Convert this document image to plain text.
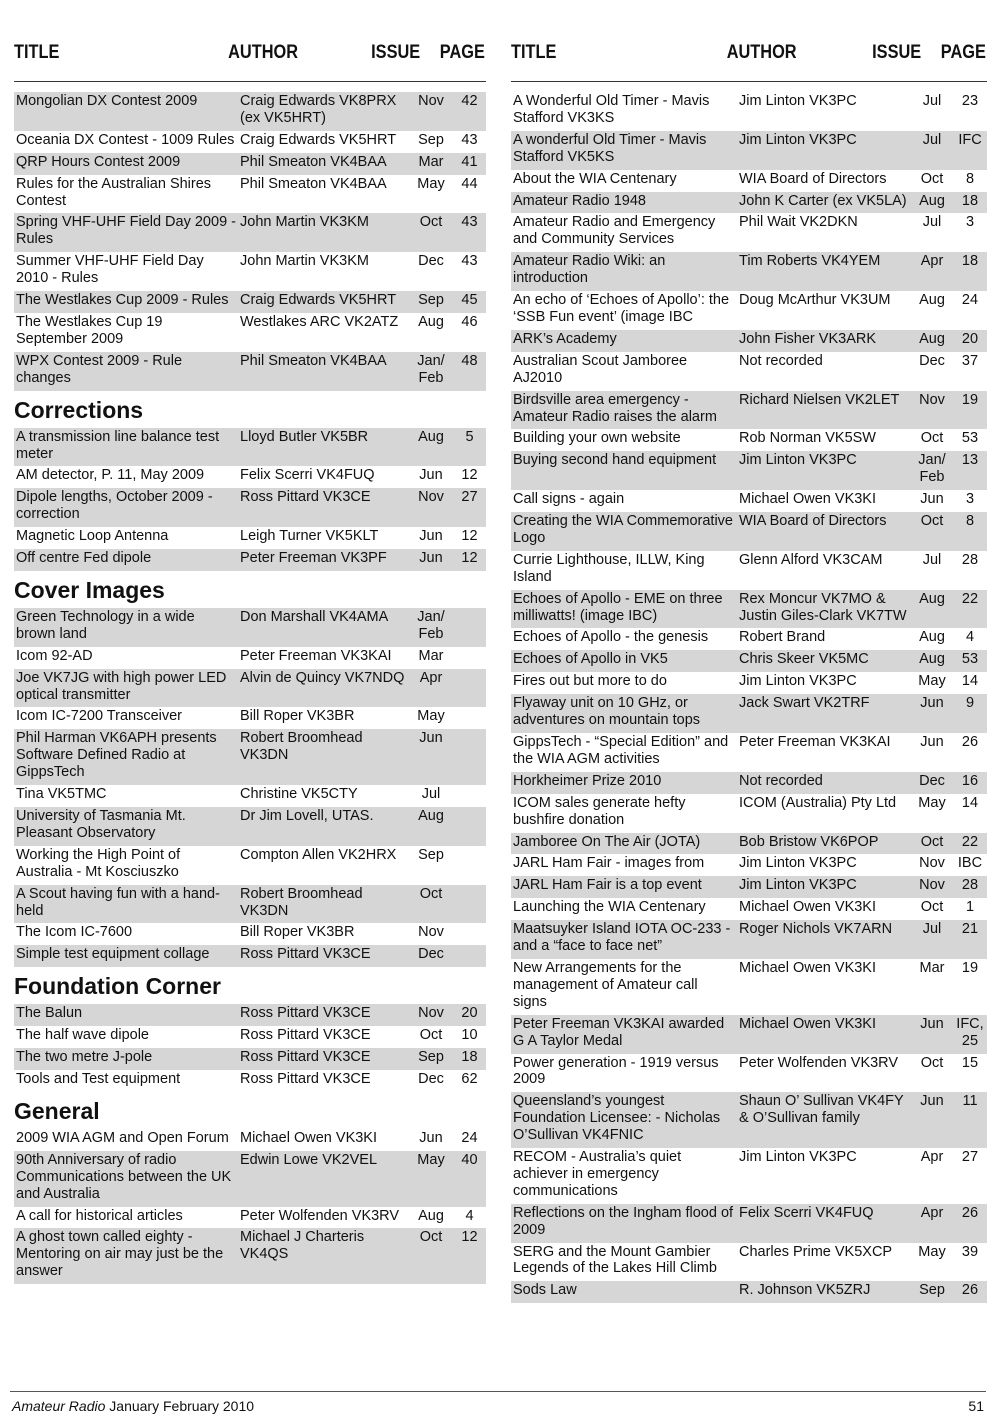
TITLE	AUTHOR	ISSUE	PAGE
Mongolian DX Contest 2009	Craig Edwards VK8PRX (ex VK5HRT)	Nov	42
Oceania DX Contest - 1009 Rules	Craig Edwards VK5HRT	Sep	43
QRP Hours Contest 2009	Phil Smeaton VK4BAA	Mar	41
Rules for the Australian Shires Contest	Phil Smeaton VK4BAA	May	44
Spring VHF-UHF Field Day 2009 - Rules	John Martin VK3KM	Oct	43
Summer VHF-UHF Field Day 2010 - Rules	John Martin VK3KM	Dec	43
The Westlakes Cup 2009 - Rules	Craig Edwards VK5HRT	Sep	45
The Westlakes Cup 19 September 2009	Westlakes ARC VK2ATZ	Aug	46
WPX Contest 2009 - Rule changes	Phil Smeaton VK4BAA	Jan/ Feb	48
Corrections
A transmission line balance test meter	Lloyd Butler VK5BR	Aug	5
AM detector, P. 11, May 2009	Felix Scerri VK4FUQ	Jun	12
Dipole lengths, October 2009 - correction	Ross Pittard VK3CE	Nov	27
Magnetic Loop Antenna	Leigh Turner VK5KLT	Jun	12
Off centre Fed dipole	Peter Freeman VK3PF	Jun	12
Cover Images
Green Technology in a wide brown land	Don Marshall VK4AMA	Jan/ Feb	
Icom 92-AD	Peter Freeman VK3KAI	Mar	
Joe VK7JG with high power LED optical transmitter	Alvin de Quincy VK7NDQ	Apr	
Icom IC-7200 Transceiver	Bill Roper VK3BR	May	
Phil Harman VK6APH presents Software Defined Radio at GippsTech	Robert Broomhead VK3DN	Jun	
Tina VK5TMC	Christine VK5CTY	Jul	
University of Tasmania Mt. Pleasant Observatory	Dr Jim Lovell, UTAS.	Aug	
Working the High Point of Australia - Mt Kosciuszko	Compton Allen VK2HRX	Sep	
A Scout having fun with a hand-held	Robert Broomhead VK3DN	Oct	
The Icom IC-7600	Bill Roper VK3BR	Nov	
Simple test equipment collage	Ross Pittard VK3CE	Dec	
Foundation Corner
The Balun	Ross Pittard VK3CE	Nov	20
The half wave dipole	Ross Pittard VK3CE	Oct	10
The two metre J-pole	Ross Pittard VK3CE	Sep	18
Tools and Test equipment	Ross Pittard VK3CE	Dec	62
General
2009 WIA AGM and Open Forum	Michael Owen VK3KI	Jun	24
90th Anniversary of radio Communications between the UK and Australia	Edwin Lowe VK2VEL	May	40
A call for historical articles	Peter Wolfenden VK3RV	Aug	4
A ghost town called eighty - Mentoring on air may just be the answer	Michael J Charteris VK4QS	Oct	12
TITLE	AUTHOR	ISSUE	PAGE
A Wonderful Old Timer - Mavis Stafford VK3KS	Jim Linton VK3PC	Jul	23
A wonderful Old Timer - Mavis Stafford VK5KS	Jim Linton VK3PC	Jul	IFC
About the WIA Centenary	WIA Board of Directors	Oct	8
Amateur Radio 1948	John K Carter (ex VK5LA)	Aug	18
Amateur Radio and Emergency and Community Services	Phil Wait VK2DKN	Jul	3
Amateur Radio Wiki: an introduction	Tim Roberts VK4YEM	Apr	18
An echo of ‘Echoes of Apollo’: the ‘SSB Fun event’ (image IBC	Doug McArthur VK3UM	Aug	24
ARK’s Academy	John Fisher VK3ARK	Aug	20
Australian Scout Jamboree AJ2010	Not recorded	Dec	37
Birdsville area emergency - Amateur Radio raises the alarm	Richard Nielsen VK2LET	Nov	19
Building your own website	Rob Norman VK5SW	Oct	53
Buying second hand equipment	Jim Linton VK3PC	Jan/ Feb	13
Call signs - again	Michael Owen VK3KI	Jun	3
Creating the WIA Commemorative Logo	WIA Board of Directors	Oct	8
Currie Lighthouse, ILLW, King Island	Glenn Alford VK3CAM	Jul	28
Echoes of Apollo - EME on three milliwatts! (image IBC)	Rex Moncur VK7MO & Justin Giles-Clark VK7TW	Aug	22
Echoes of Apollo - the genesis	Robert Brand	Aug	4
Echoes of Apollo in VK5	Chris Skeer VK5MC	Aug	53
Fires out but more to do	Jim Linton VK3PC	May	14
Flyaway unit on 10 GHz, or adventures on mountain tops	Jack Swart VK2TRF	Jun	9
GippsTech - “Special Edition” and the WIA AGM activities	Peter Freeman VK3KAI	Jun	26
Horkheimer Prize 2010	Not recorded	Dec	16
ICOM sales generate hefty bushfire donation	ICOM (Australia) Pty Ltd	May	14
Jamboree On The Air (JOTA)	Bob Bristow VK6POP	Oct	22
JARL Ham Fair - images from	Jim Linton VK3PC	Nov	IBC
JARL Ham Fair is a top event	Jim Linton VK3PC	Nov	28
Launching the WIA Centenary	Michael Owen VK3KI	Oct	1
Maatsuyker Island IOTA OC-233 - and a “face to face net”	Roger Nichols VK7ARN	Jul	21
New Arrangements for the management of Amateur call signs	Michael Owen VK3KI	Mar	19
Peter Freeman VK3KAI awarded G A Taylor Medal	Michael Owen VK3KI	Jun	IFC, 25
Power generation - 1919 versus 2009	Peter Wolfenden VK3RV	Oct	15
Queensland’s youngest Foundation Licensee: - Nicholas O’Sullivan VK4FNIC	Shaun O’ Sullivan VK4FY & O’Sullivan family	Jun	11
RECOM - Australia’s quiet achiever in emergency communications	Jim Linton VK3PC	Apr	27
Reflections on the Ingham flood of 2009	Felix Scerri VK4FUQ	Apr	26
SERG and the Mount Gambier Legends of the Lakes Hill Climb	Charles Prime VK5XCP	May	39
Sods Law	R. Johnson VK5ZRJ	Sep	26
Amateur Radio January February 2010	51
